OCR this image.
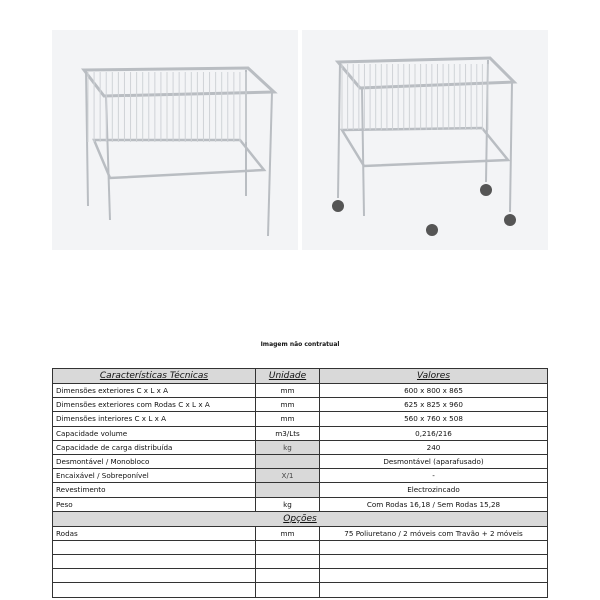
Imagem não contratual
Características Técnicas	Unidade	Valores
Dimensões exteriores C x L x A	mm	600 x 800 x 865
Dimensões exteriores com Rodas C x L x A	mm	625 x 825 x 960
Dimensões interiores C x L x A	mm	560 x 760 x 508
Capacidade volume	m3/Lts	0,216/216
Capacidade de carga distribuída	kg	240
Desmontável / Monobloco		Desmontável (aparafusado)
Encaixável / Sobreponível	X/1	-
Revestimento		Electrozincado
Peso	kg	Com Rodas 16,18 / Sem Rodas 15,28
Opções		
Rodas	mm	75 Poliuretano / 2 móveis com Travão + 2 móveis
